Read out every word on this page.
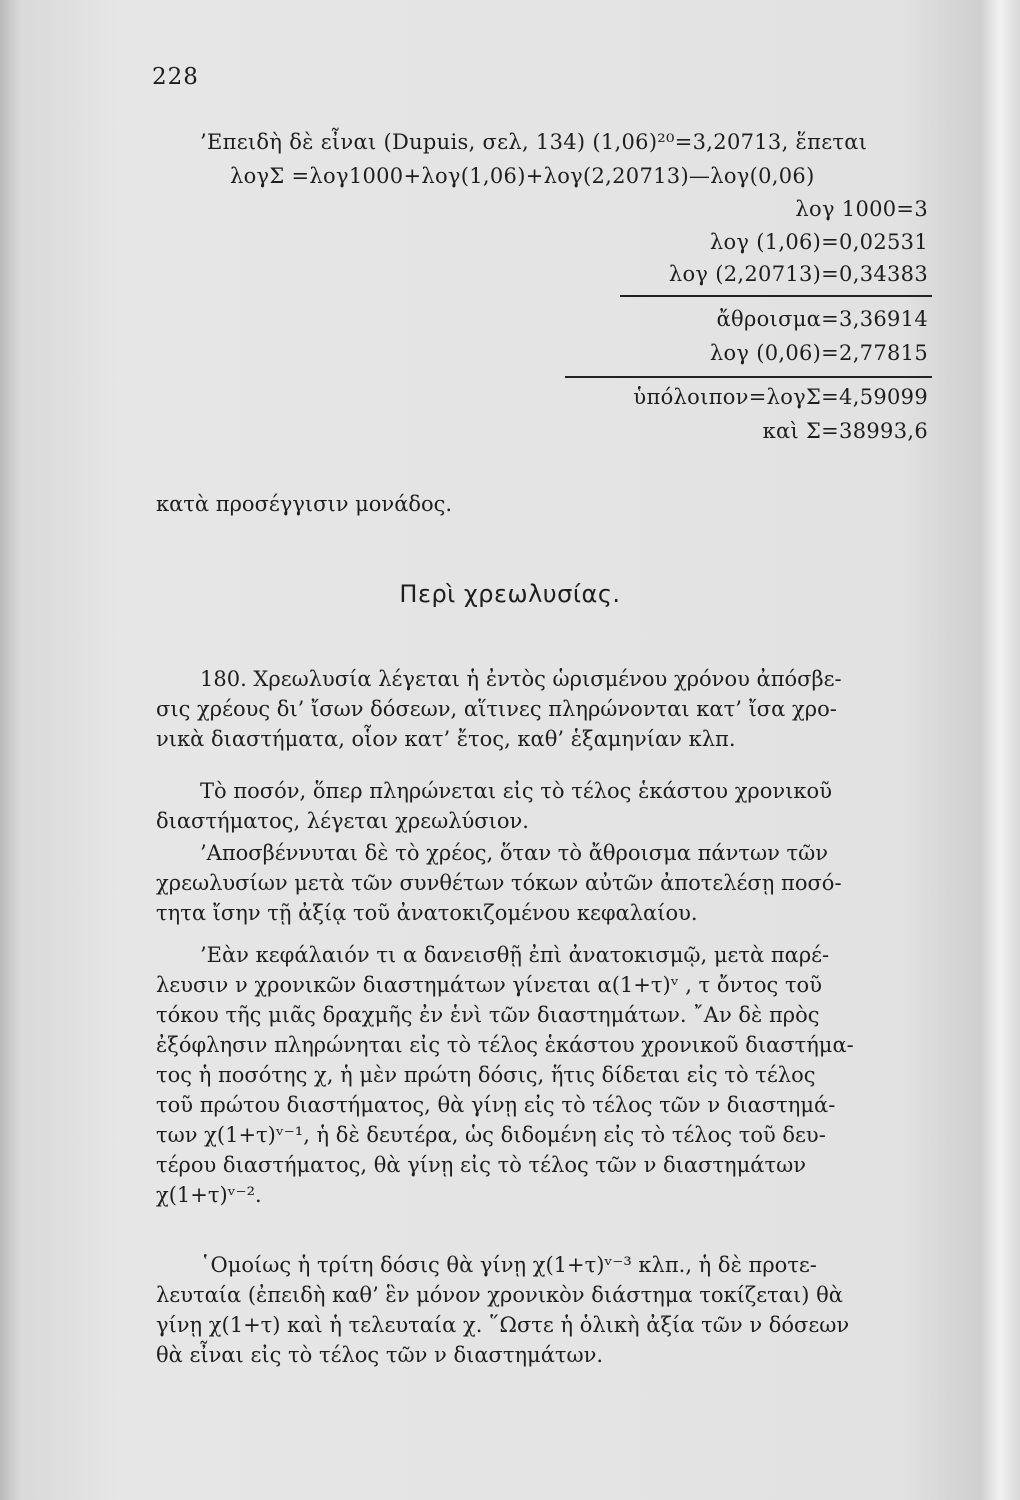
228
’Επειδὴ δὲ εἶναι (Dupuis, σελ, 134) (1,06)²⁰=3,20713, ἕπεται
λογΣ =λογ1000+λογ(1,06)+λογ(2,20713)—λογ(0,06)
λογ 1000=3
λογ (1,06)=0,02531
λογ (2,20713)=0,34383
ἄθροισμα=3,36914
λογ (0,06)=2,77815
ὑπόλοιπον=λογΣ=4,59099
καὶ Σ=38993,6
κατὰ προσέγγισιν μονάδος.
Περὶ χρεωλυσίας.
180. Χρεωλυσία λέγεται ἡ ἐντὸς ὡρισμένου χρόνου ἀπόσβε-
σις χρέους δι’ ἴσων δόσεων, αἵτινες πληρώνονται κατ’ ἴσα χρο-
νικὰ διαστήματα, οἷον κατ’ ἔτος, καθ’ ἑξαμηνίαν κλπ.
Τὸ ποσόν, ὅπερ πληρώνεται εἰς τὸ τέλος ἑκάστου χρονικοῦ
διαστήματος, λέγεται χρεωλύσιον.
’Αποσβέννυται δὲ τὸ χρέος, ὅταν τὸ ἄθροισμα πάντων τῶν
χρεωλυσίων μετὰ τῶν συνθέτων τόκων αὐτῶν ἀποτελέσῃ ποσό-
τητα ἴσην τῇ ἀξίᾳ τοῦ ἀνατοκιζομένου κεφαλαίου.
’Εὰν κεφάλαιόν τι α δανεισθῇ ἐπὶ ἀνατοκισμῷ, μετὰ παρέ-
λευσιν ν χρονικῶν διαστημάτων γίνεται α(1+τ)ᵛ , τ ὄντος τοῦ
τόκου τῆς μιᾶς δραχμῆς ἐν ἑνὶ τῶν διαστημάτων. ῎Αν δὲ πρὸς
ἐξόφλησιν πληρώνηται εἰς τὸ τέλος ἑκάστου χρονικοῦ διαστήμα-
τος ἡ ποσότης χ, ἡ μὲν πρώτη δόσις, ἥτις δίδεται εἰς τὸ τέλος
τοῦ πρώτου διαστήματος, θὰ γίνῃ εἰς τὸ τέλος τῶν ν διαστημά-
των χ(1+τ)ᵛ⁻¹, ἡ δὲ δευτέρα, ὡς διδομένη εἰς τὸ τέλος τοῦ δευ-
τέρου διαστήματος, θὰ γίνῃ εἰς τὸ τέλος τῶν ν διαστημάτων
χ(1+τ)ᵛ⁻².
῾Ομοίως ἡ τρίτη δόσις θὰ γίνῃ χ(1+τ)ᵛ⁻³ κλπ., ἡ δὲ προτε-
λευταία (ἐπειδὴ καθ’ ἓν μόνον χρονικὸν διάστημα τοκίζεται) θὰ
γίνῃ χ(1+τ) καὶ ἡ τελευταία χ. ῞Ωστε ἡ ὁλικὴ ἀξία τῶν ν δόσεων
θὰ εἶναι εἰς τὸ τέλος τῶν ν διαστημάτων.
